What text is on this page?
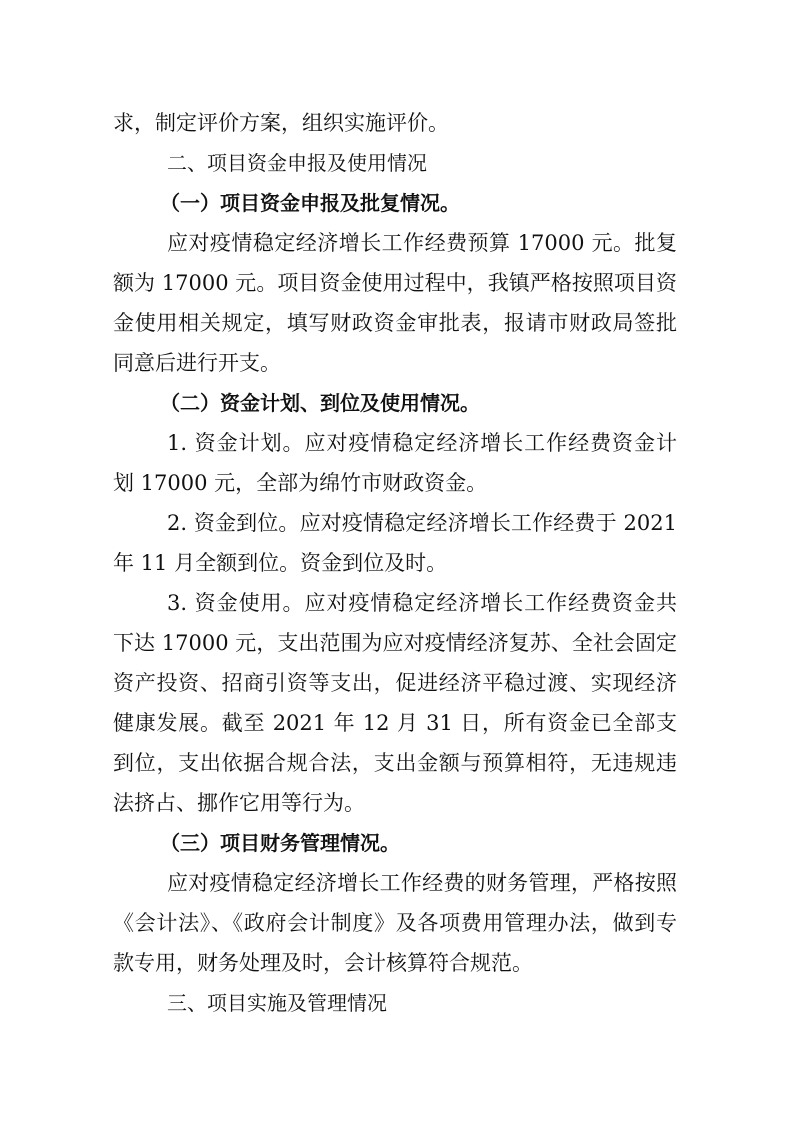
求，制定评价方案，组织实施评价。
二、项目资金申报及使用情况
（一）项目资金申报及批复情况。
应对疫情稳定经济增长工作经费预算 17000 元。批复
额为 17000 元。项目资金使用过程中，我镇严格按照项目资
金使用相关规定，填写财政资金审批表，报请市财政局签批
同意后进行开支。
（二）资金计划、到位及使用情况。
1. 资金计划。应对疫情稳定经济增长工作经费资金计
划 17000 元，全部为绵竹市财政资金。
2. 资金到位。应对疫情稳定经济增长工作经费于 2021
年 11 月全额到位。资金到位及时。
3. 资金使用。应对疫情稳定经济增长工作经费资金共
下达 17000 元，支出范围为应对疫情经济复苏、全社会固定
资产投资、招商引资等支出，促进经济平稳过渡、实现经济
健康发展。截至 2021 年 12 月 31 日，所有资金已全部支
到位，支出依据合规合法，支出金额与预算相符，无违规违
法挤占、挪作它用等行为。
（三）项目财务管理情况。
应对疫情稳定经济增长工作经费的财务管理，严格按照
《会计法》、《政府会计制度》及各项费用管理办法，做到专
款专用，财务处理及时，会计核算符合规范。
三、项目实施及管理情况
